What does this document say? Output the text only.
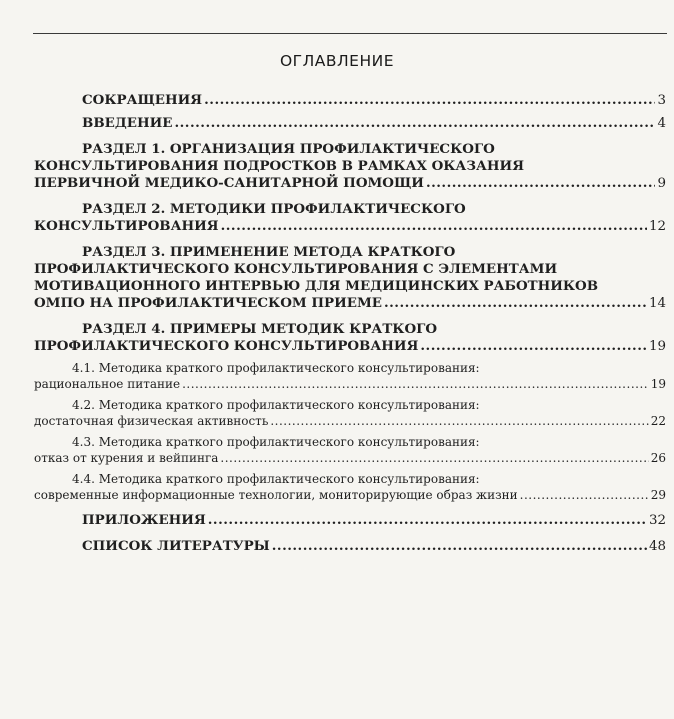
ОГЛАВЛЕНИЕ
СОКРАЩЕНИЯ .....	3
ВВЕДЕНИЕ .....	4
РАЗДЕЛ 1. ОРГАНИЗАЦИЯ ПРОФИЛАКТИЧЕСКОГО
КОНСУЛЬТИРОВАНИЯ ПОДРОСТКОВ В РАМКАХ ОКАЗАНИЯ
ПЕРВИЧНОЙ МЕДИКО-САНИТАРНОЙ ПОМОЩИ .....	9
РАЗДЕЛ 2. МЕТОДИКИ ПРОФИЛАКТИЧЕСКОГО
КОНСУЛЬТИРОВАНИЯ .....	12
РАЗДЕЛ 3. ПРИМЕНЕНИЕ МЕТОДА КРАТКОГО
ПРОФИЛАКТИЧЕСКОГО КОНСУЛЬТИРОВАНИЯ С ЭЛЕМЕНТАМИ
МОТИВАЦИОННОГО ИНТЕРВЬЮ ДЛЯ МЕДИЦИНСКИХ РАБОТНИКОВ
ОМПО НА ПРОФИЛАКТИЧЕСКОМ ПРИЕМЕ .....	14
РАЗДЕЛ 4. ПРИМЕРЫ МЕТОДИК КРАТКОГО
ПРОФИЛАКТИЧЕСКОГО КОНСУЛЬТИРОВАНИЯ .....	19
4.1. Методика краткого профилактического консультирования:
рациональное питание .....	19
4.2. Методика краткого профилактического консультирования:
достаточная физическая активность .....	22
4.3. Методика краткого профилактического консультирования:
отказ от курения и вейпинга .....	26
4.4. Методика краткого профилактического консультирования:
современные информационные технологии, мониторирующие образ жизни .....	29
ПРИЛОЖЕНИЯ .....	32
СПИСОК ЛИТЕРАТУРЫ .....	48
